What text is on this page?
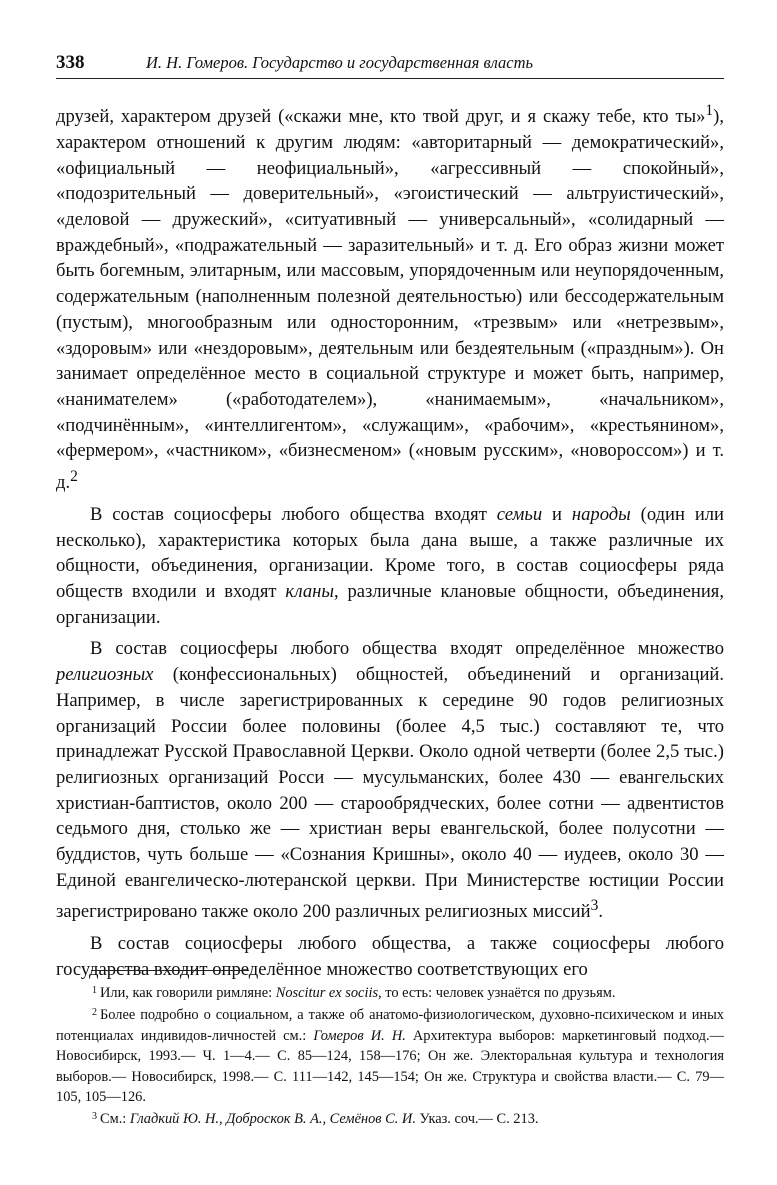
338	И. Н. Гомеров. Государство и государственная власть

друзей, характером друзей («скажи мне, кто твой друг, и я скажу тебе, кто ты»$^1$), характером отношений к другим людям: «авторитарный — демократический», «официальный — неофициальный», «агрессивный — спокойный», «подозрительный — доверительный», «эгоистический — альтруистический», «деловой — дружеский», «ситуативный — универсальный», «солидарный — враждебный», «подражательный — заразительный» и т. д. Его образ жизни может быть богемным, элитарным, или массовым, упорядоченным или неупорядоченным, содержательным (наполненным полезной деятельностью) или бессодержательным (пустым), многообразным или односторонним, «трезвым» или «нетрезвым», «здоровым» или «нездоровым», деятельным или бездеятельным («праздным»). Он занимает определённое место в социальной структуре и может быть, например, «нанимателем» («работодателем»), «нанимаемым», «начальником», «подчинённым», «интеллигентом», «служащим», «рабочим», «крестьянином», «фермером», «частником», «бизнесменом» («новым русским», «новороссом») и т. д.$^2$

В состав социосферы любого общества входят семьи и народы (один или несколько), характеристика которых была дана выше, а также различные их общности, объединения, организации. Кроме того, в состав социосферы ряда обществ входили и входят кланы, различные клановые общности, объединения, организации.

В состав социосферы любого общества входят определённое множество религиозных (конфессиональных) общностей, объединений и организаций. Например, в числе зарегистрированных к середине 90 годов религиозных организаций России более половины (более 4,5 тыс.) составляют те, что принадлежат Русской Православной Церкви. Около одной четверти (более 2,5 тыс.) религиозных организаций Росси — мусульманских, более 430 — евангельских христиан-баптистов, около 200 — старообрядческих, более сотни — адвентистов седьмого дня, столько же — христиан веры евангельской, более полусотни — буддистов, чуть больше — «Сознания Кришны», около 40 — иудеев, около 30 — Единой евангелическо-лютеранской церкви. При Министерстве юстиции России зарегистрировано также около 200 различных религиозных миссий$^3$.

В состав социосферы любого общества, а также социосферы любого государства входит определённое множество соответствующих его

$^1$ Или, как говорили римляне: Noscitur ex sociis, то есть: человек узнаётся по друзьям.

$^2$ Более подробно о социальном, а также об анатомо-физиологическом, духовно-психическом и иных потенциалах индивидов-личностей см.: Гомеров И. Н. Архитектура выборов: маркетинговый подход.— Новосибирск, 1993.— Ч. 1—4.— С. 85—124, 158—176; Он же. Электоральная культура и технология выборов.— Новосибирск, 1998.— С. 111—142, 145—154; Он же. Структура и свойства власти.— С. 79—105, 105—126.

$^3$ См.: Гладкий Ю. Н., Доброскок В. А., Семёнов С. И. Указ. соч.— С. 213.
